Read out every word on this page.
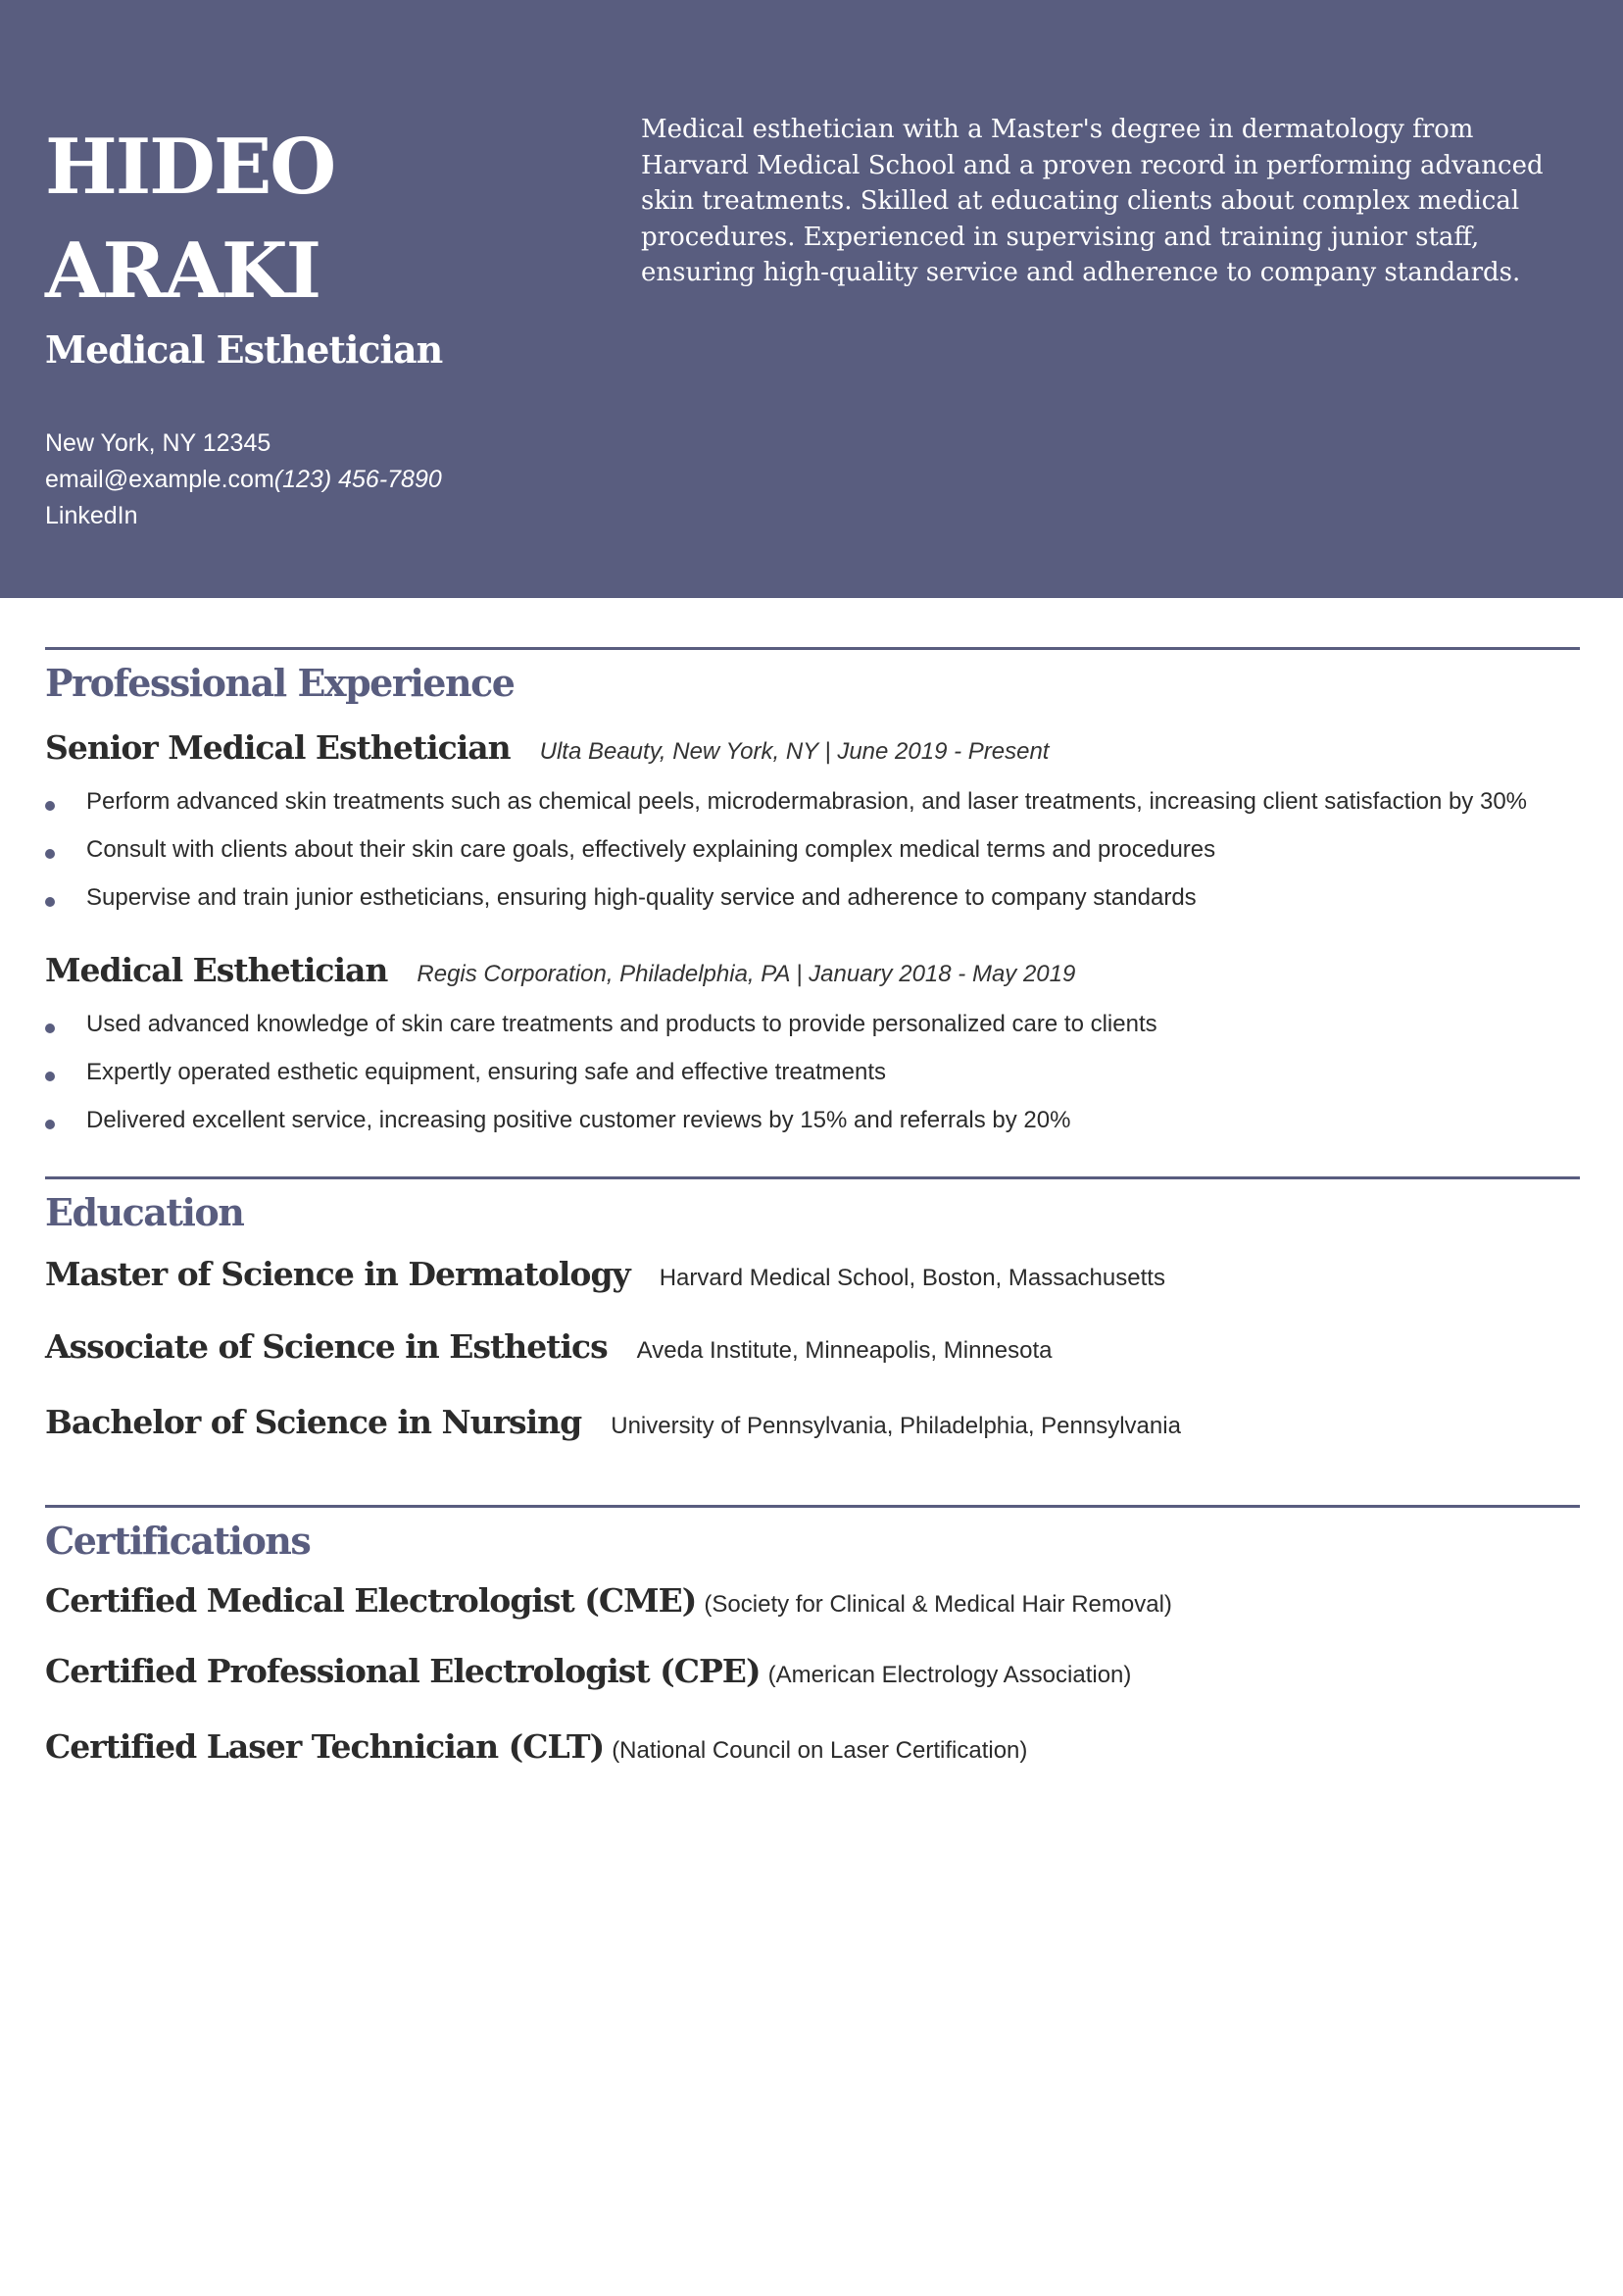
HIDEO
ARAKI
Medical Esthetician
New York, NY 12345
email@example.com(123) 456-7890
LinkedIn
Medical esthetician with a Master's degree in dermatology from Harvard Medical School and a proven record in performing advanced skin treatments. Skilled at educating clients about complex medical procedures. Experienced in supervising and training junior staff, ensuring high-quality service and adherence to company standards.
Professional Experience
Senior Medical Esthetician Ulta Beauty, New York, NY | June 2019 - Present
Perform advanced skin treatments such as chemical peels, microdermabrasion, and laser treatments, increasing client satisfaction by 30%
Consult with clients about their skin care goals, effectively explaining complex medical terms and procedures
Supervise and train junior estheticians, ensuring high-quality service and adherence to company standards
Medical Esthetician Regis Corporation, Philadelphia, PA | January 2018 - May 2019
Used advanced knowledge of skin care treatments and products to provide personalized care to clients
Expertly operated esthetic equipment, ensuring safe and effective treatments
Delivered excellent service, increasing positive customer reviews by 15% and referrals by 20%
Education
Master of Science in Dermatology Harvard Medical School, Boston, Massachusetts
Associate of Science in Esthetics Aveda Institute, Minneapolis, Minnesota
Bachelor of Science in Nursing University of Pennsylvania, Philadelphia, Pennsylvania
Certifications
Certified Medical Electrologist (CME) (Society for Clinical & Medical Hair Removal)
Certified Professional Electrologist (CPE) (American Electrology Association)
Certified Laser Technician (CLT) (National Council on Laser Certification)
